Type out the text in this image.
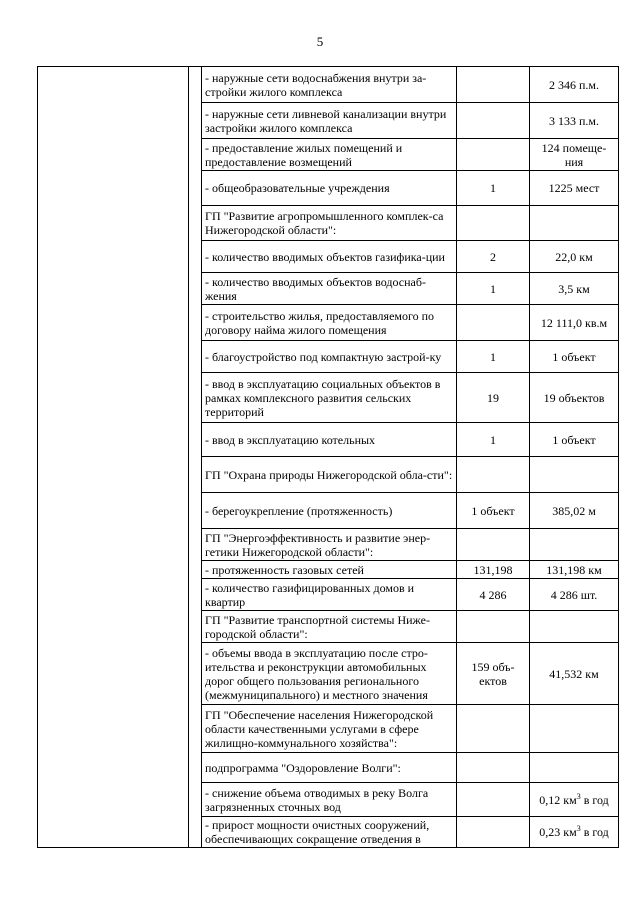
5
		- наружные сети водоснабжения внутри за-стройки жилого комплекса		2 346 п.м.
		- наружные сети ливневой канализации внутри застройки жилого комплекса		3 133 п.м.
		- предоставление жилых помещений и предоставление возмещений		124 помеще-ния
		- общеобразовательные учреждения	1	1225 мест
		ГП "Развитие агропромышленного комплек-са Нижегородской области":		
		- количество вводимых объектов газифика-ции	2	22,0 км
		- количество вводимых объектов водоснаб-жения	1	3,5 км
		- строительство жилья, предоставляемого по договору найма жилого помещения		12 111,0 кв.м
		- благоустройство под компактную застрой-ку	1	1 объект
		- ввод в эксплуатацию социальных объектов в рамках комплексного развития сельских территорий	19	19 объектов
		- ввод в эксплуатацию котельных	1	1 объект
		ГП "Охрана природы Нижегородской обла-сти":		
		- берегоукрепление (протяженность)	1 объект	385,02 м
		ГП "Энергоэффективность и развитие энер-гетики Нижегородской области":		
		- протяженность газовых сетей	131,198	131,198 км
		- количество газифицированных домов и квартир	4 286	4 286 шт.
		ГП "Развитие транспортной системы Ниже-городской области":		
		- объемы ввода в эксплуатацию после стро-ительства и реконструкции автомобильных дорог общего пользования регионального (межмуниципального) и местного значения	159 объ-ектов	41,532 км
		ГП "Обеспечение населения Нижегородской области качественными услугами в сфере жилищно-коммунального хозяйства":		
		подпрограмма "Оздоровление Волги":		
		- снижение объема отводимых в реку Волга загрязненных сточных вод		0,12 $км^3$ в год
		- прирост мощности очистных сооружений, обеспечивающих сокращение отведения в		0,23 $км^3$ в год
